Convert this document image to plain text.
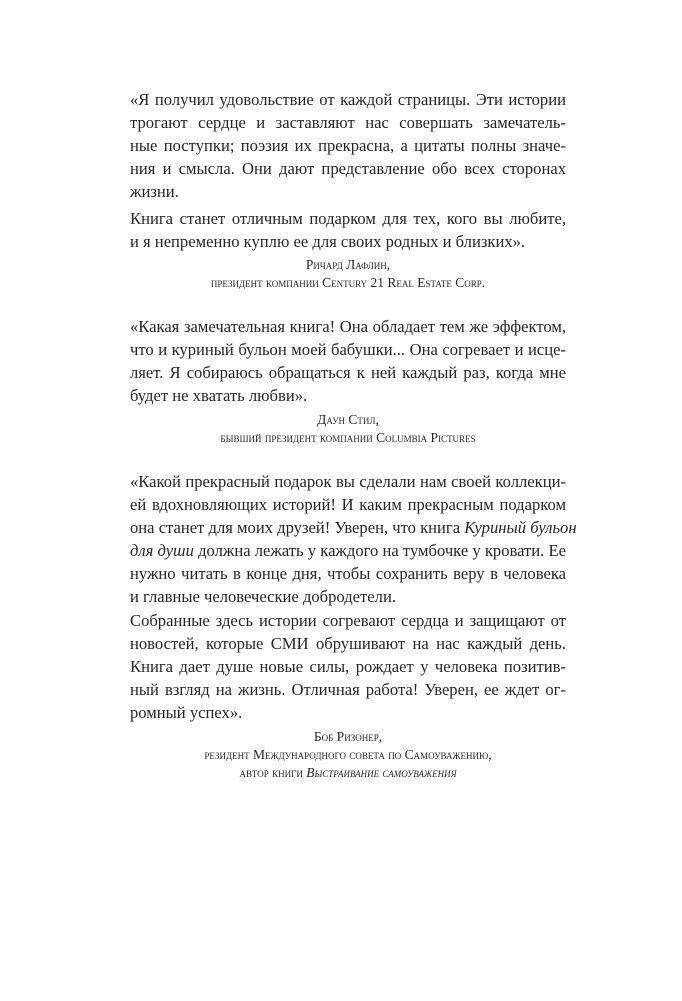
«Я получил удовольствие от каждой страницы. Эти истории
трогают сердце и заставляют нас совершать замечатель-
ные поступки; поэзия их прекрасна, а цитаты полны значе-
ния и смысла. Они дают представление обо всех сторонах
жизни.
Книга станет отличным подарком для тех, кого вы любите,
и я непременно куплю ее для своих родных и близких».
Ричард Лафлин,
президент компании Century 21 Real Estate Corp.
«Какая замечательная книга! Она обладает тем же эффектом,
что и куриный бульон моей бабушки... Она согревает и исце-
ляет. Я собираюсь обращаться к ней каждый раз, когда мне
будет не хватать любви».
Даун Стил,
бывший президент компании Columbia Pictures
«Какой прекрасный подарок вы сделали нам своей коллекци-
ей вдохновляющих историй! И каким прекрасным подарком
она станет для моих друзей! Уверен, что книга Куриный бульон
для души должна лежать у каждого на тумбочке у кровати. Ее
нужно читать в конце дня, чтобы сохранить веру в человека
и главные человеческие добродетели.
Собранные здесь истории согревают сердца и защищают от
новостей, которые СМИ обрушивают на нас каждый день.
Книга дает душе новые силы, рождает у человека позитив-
ный взгляд на жизнь. Отличная работа! Уверен, ее ждет ог-
ромный успех».
Боб Ризонер,
резидент Международного совета по Самоуважению,
автор книги Выстраивание самоуважения
